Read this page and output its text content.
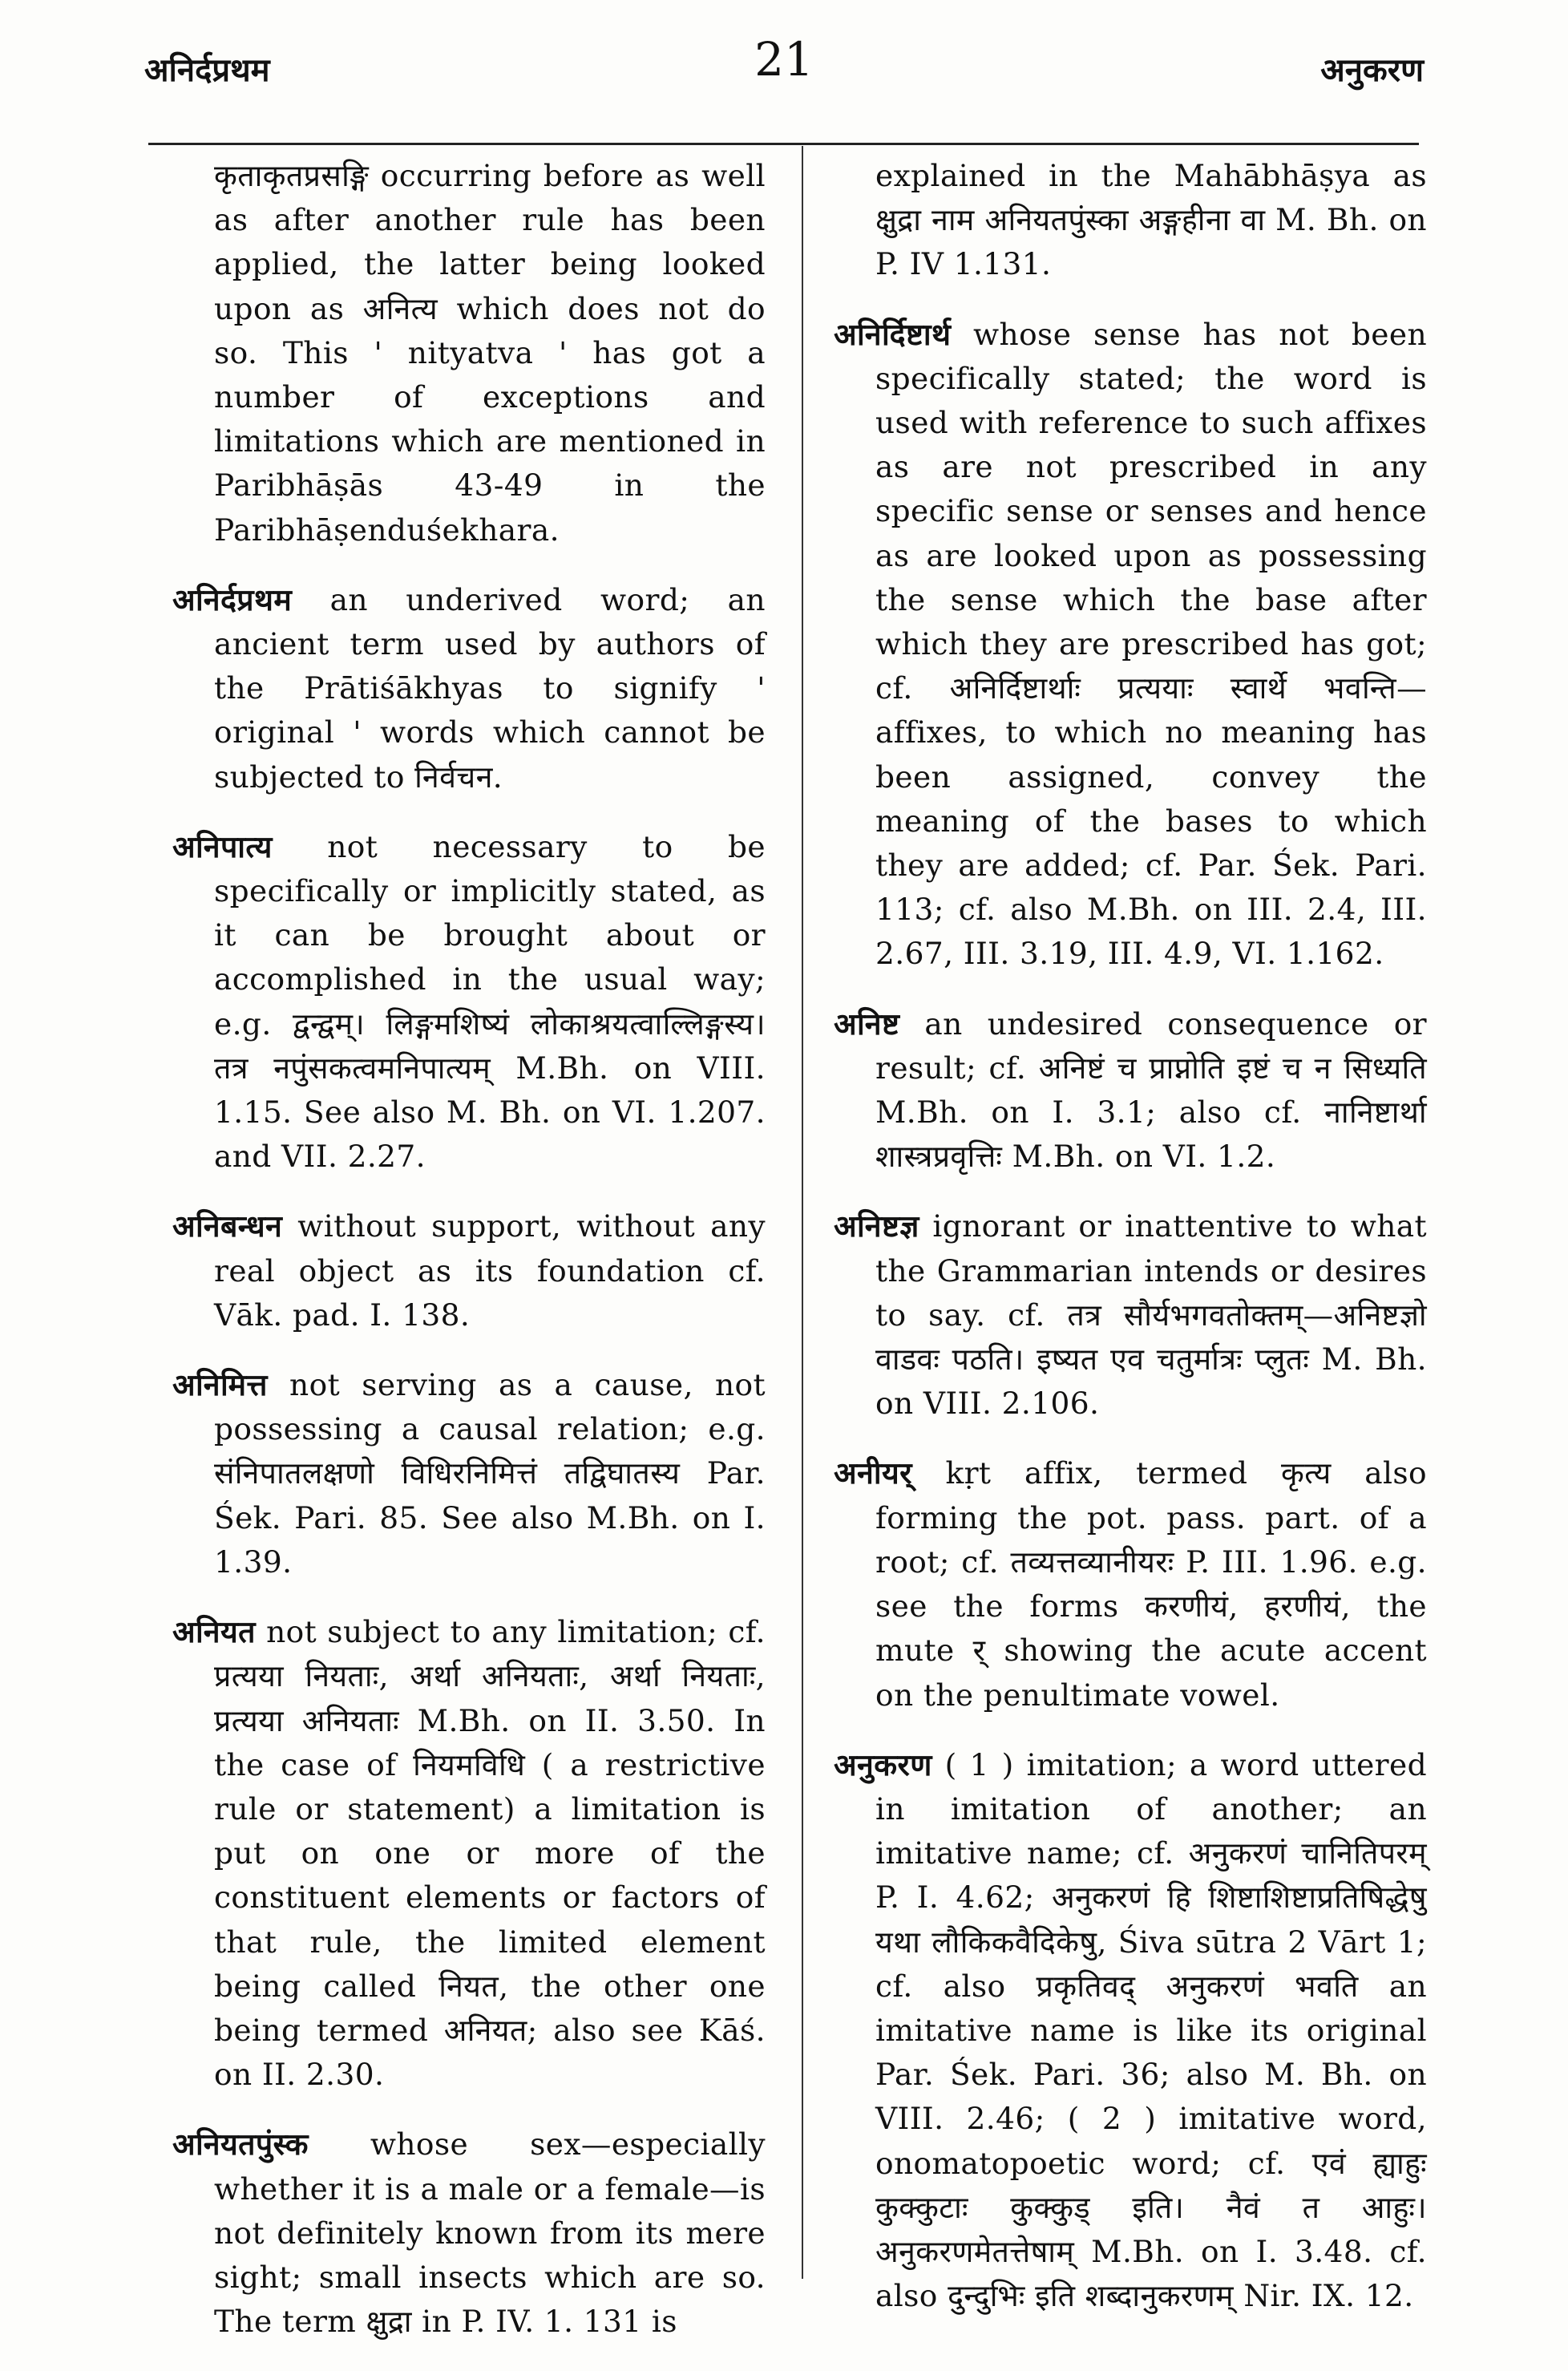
अनिर्दप्रथम	21	अनुकरण

कृताकृतप्रसङ्गि occurring before as well as after another rule has been applied, the latter being looked upon as अनित्य which does not do so. This ' nityatva ' has got a number of exceptions and limitations which are mentioned in Paribhāṣās 43-49 in the Paribhāṣenduśekhara.

अनिर्दप्रथम an underived word; an ancient term used by authors of the Prātiśākhyas to signify ' original ' words which cannot be subjected to निर्वचन.

अनिपात्य not necessary to be specifically or implicitly stated, as it can be brought about or accomplished in the usual way; e.g. द्वन्द्वम्। लिङ्गमशिष्यं लोकाश्रयत्वाल्लिङ्गस्य। तत्र नपुंसकत्वमनिपात्यम् M.Bh. on VIII. 1.15. See also M. Bh. on VI. 1.207. and VII. 2.27.

अनिबन्धन without support, without any real object as its foundation cf. Vāk. pad. I. 138.

अनिमित्त not serving as a cause, not possessing a causal relation; e.g. संनिपातलक्षणो विधिरनिमित्तं तद्विघातस्य Par. Śek. Pari. 85. See also M.Bh. on I. 1.39.

अनियत not subject to any limitation; cf. प्रत्यया नियताः, अर्था अनियताः, अर्था नियताः, प्रत्यया अनियताः M.Bh. on II. 3.50. In the case of नियमविधि ( a restrictive rule or statement) a limitation is put on one or more of the constituent elements or factors of that rule, the limited element being called नियत, the other one being termed अनियत; also see Kāś. on II. 2.30.

अनियतपुंस्क whose sex—especially whether it is a male or a female—is not definitely known from its mere sight; small insects which are so. The term क्षुद्रा in P. IV. 1. 131 is

explained in the Mahābhāṣya as क्षुद्रा नाम अनियतपुंस्का अङ्गहीना वा M. Bh. on P. IV 1.131.

अनिर्दिष्टार्थ whose sense has not been specifically stated; the word is used with reference to such affixes as are not prescribed in any specific sense or senses and hence as are looked upon as possessing the sense which the base after which they are prescribed has got; cf. अनिर्दिष्टार्थाः प्रत्ययाः स्वार्थे भवन्ति—affixes, to which no meaning has been assigned, convey the meaning of the bases to which they are added; cf. Par. Śek. Pari. 113; cf. also M.Bh. on III. 2.4, III. 2.67, III. 3.19, III. 4.9, VI. 1.162.

अनिष्ट an undesired consequence or result; cf. अनिष्टं च प्राप्नोति इष्टं च न सिध्यति M.Bh. on I. 3.1; also cf. नानिष्टार्था शास्त्रप्रवृत्तिः M.Bh. on VI. 1.2.

अनिष्टज्ञ ignorant or inattentive to what the Grammarian intends or desires to say. cf. तत्र सौर्यभगवतोक्तम्—अनिष्टज्ञो वाडवः पठति। इष्यत एव चतुर्मात्रः प्लुतः M. Bh. on VIII. 2.106.

अनीयर् kṛt affix, termed कृत्य also forming the pot. pass. part. of a root; cf. तव्यत्तव्यानीयरः P. III. 1.96. e.g. see the forms करणीयं, हरणीयं, the mute र् showing the acute accent on the penultimate vowel.

अनुकरण ( 1 ) imitation; a word uttered in imitation of another; an imitative name; cf. अनुकरणं चानितिपरम् P. I. 4.62; अनुकरणं हि शिष्टाशिष्टाप्रतिषिद्धेषु यथा लौकिकवैदिकेषु, Śiva sūtra 2 Vārt 1; cf. also प्रकृतिवद् अनुकरणं भवति an imitative name is like its original Par. Śek. Pari. 36; also M. Bh. on VIII. 2.46; ( 2 ) imitative word, onomatopoetic word; cf. एवं ह्याहुः कुक्कुटाः कुक्कुड् इति। नैवं त आहुः। अनुकरणमेतत्तेषाम् M.Bh. on I. 3.48. cf. also दुन्दुभिः इति शब्दानुकरणम् Nir. IX. 12.
